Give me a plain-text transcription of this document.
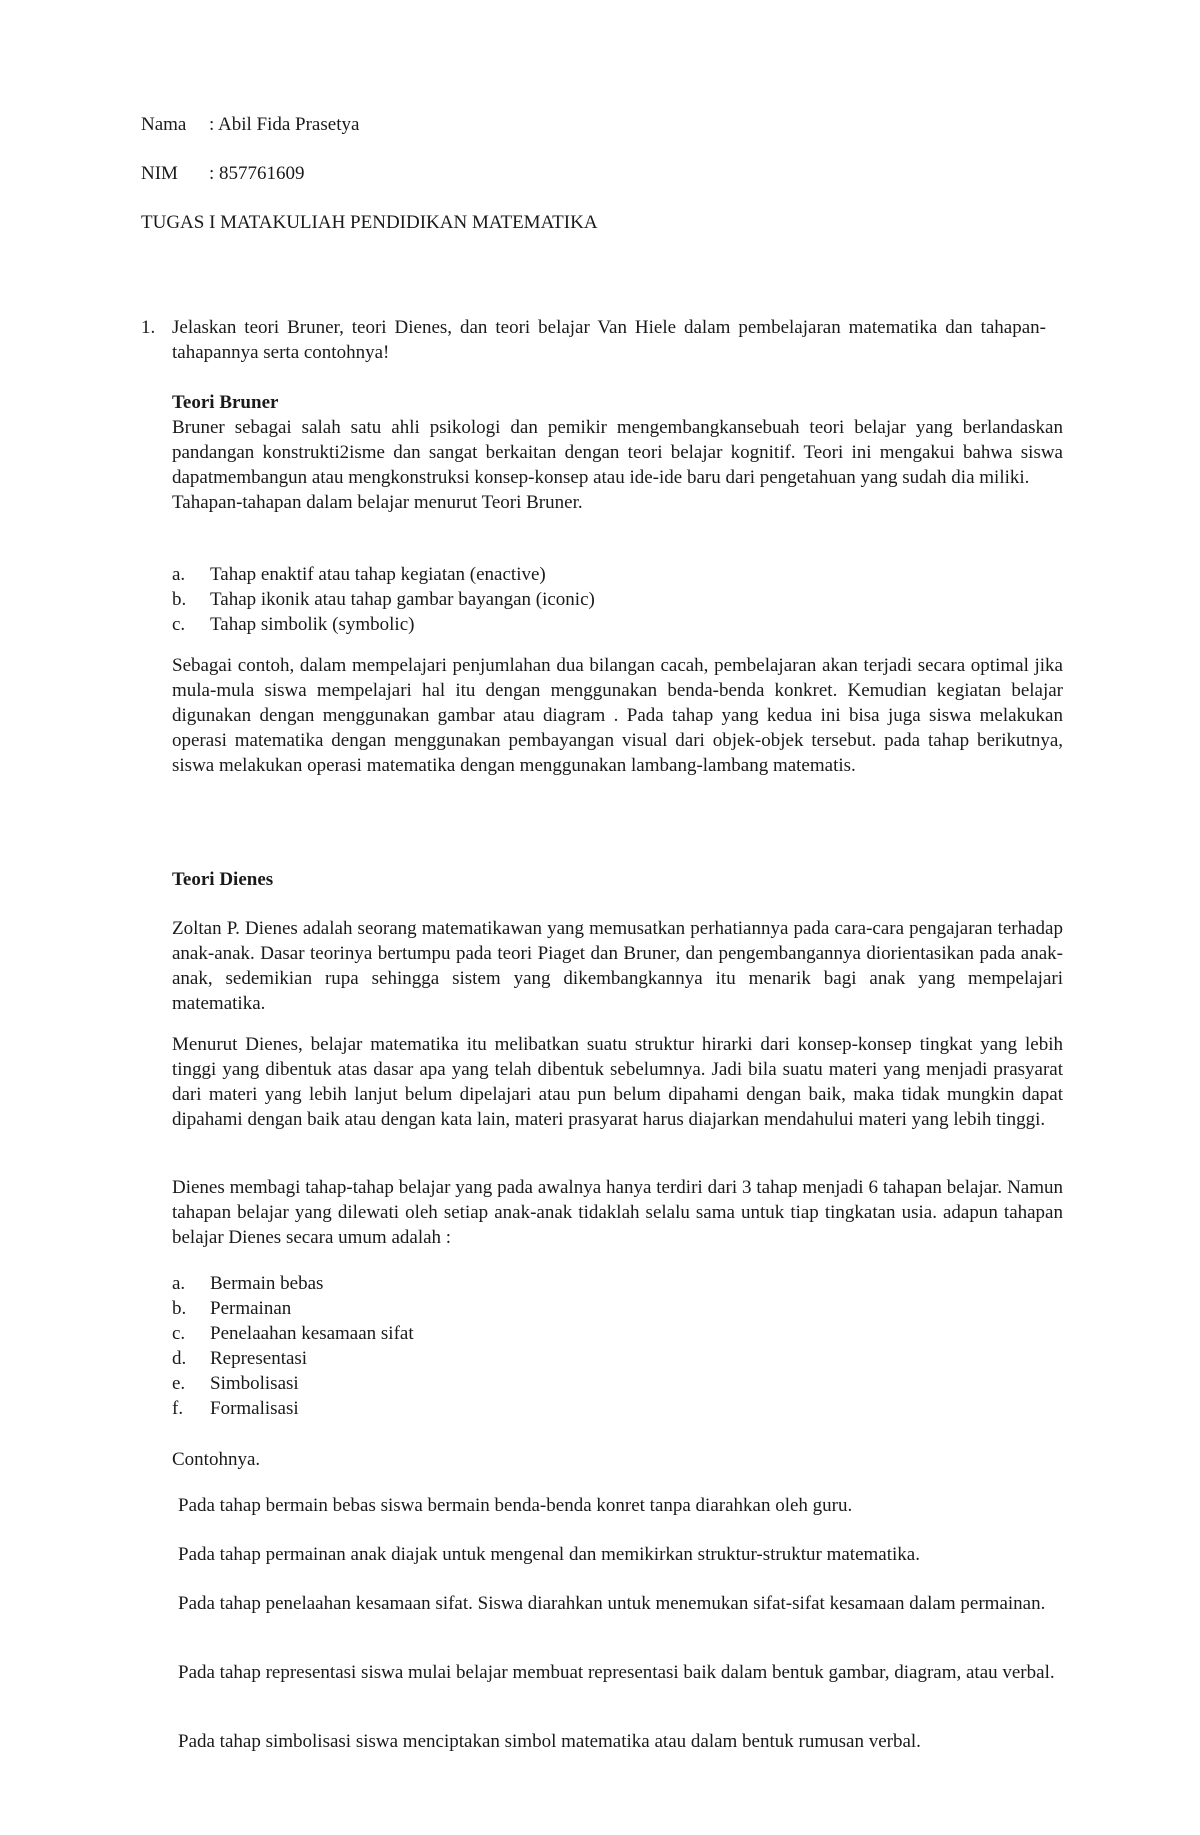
Nama : Abil Fida Prasetya
NIM : 857761609
TUGAS I MATAKULIAH PENDIDIKAN MATEMATIKA
1. Jelaskan teori Bruner, teori Dienes, dan teori belajar Van Hiele dalam pembelajaran matematika dan tahapan-tahapannya serta contohnya!
Teori Bruner
Bruner sebagai salah satu ahli psikologi dan pemikir mengembangkansebuah teori belajar yang berlandaskan pandangan konstrukti2isme dan sangat berkaitan dengan teori belajar kognitif. Teori ini mengakui bahwa siswa dapatmembangun atau mengkonstruksi konsep-konsep atau ide-ide baru dari pengetahuan yang sudah dia miliki.
Tahapan-tahapan dalam belajar menurut Teori Bruner.
a. Tahap enaktif atau tahap kegiatan (enactive)
b. Tahap ikonik atau tahap gambar bayangan (iconic)
c. Tahap simbolik (symbolic)
Sebagai contoh, dalam mempelajari penjumlahan dua bilangan cacah, pembelajaran akan terjadi secara optimal jika mula-mula siswa mempelajari hal itu dengan menggunakan benda-benda konkret. Kemudian kegiatan belajar digunakan dengan menggunakan gambar atau diagram . Pada tahap yang kedua ini bisa juga siswa melakukan operasi matematika dengan menggunakan pembayangan visual dari objek-objek tersebut. pada tahap berikutnya, siswa melakukan operasi matematika dengan menggunakan lambang-lambang matematis.
Teori Dienes
Zoltan P. Dienes adalah seorang matematikawan yang memusatkan perhatiannya pada cara-cara pengajaran terhadap anak-anak. Dasar teorinya bertumpu pada teori Piaget dan Bruner, dan pengembangannya diorientasikan pada anak-anak, sedemikian rupa sehingga sistem yang dikembangkannya itu menarik bagi anak yang mempelajari matematika.
Menurut Dienes, belajar matematika itu melibatkan suatu struktur hirarki dari konsep-konsep tingkat yang lebih tinggi yang dibentuk atas dasar apa yang telah dibentuk sebelumnya. Jadi bila suatu materi yang menjadi prasyarat dari materi yang lebih lanjut belum dipelajari atau pun belum dipahami dengan baik, maka tidak mungkin dapat dipahami dengan baik atau dengan kata lain, materi prasyarat harus diajarkan mendahului materi yang lebih tinggi.
Dienes membagi tahap-tahap belajar yang pada awalnya hanya terdiri dari 3 tahap menjadi 6 tahapan belajar. Namun tahapan belajar yang dilewati oleh setiap anak-anak tidaklah selalu sama untuk tiap tingkatan usia. adapun tahapan belajar Dienes secara umum adalah :
a. Bermain bebas
b. Permainan
c. Penelaahan kesamaan sifat
d. Representasi
e. Simbolisasi
f. Formalisasi
Contohnya.
Pada tahap bermain bebas siswa bermain benda-benda konret tanpa diarahkan oleh guru.
Pada tahap permainan anak diajak untuk mengenal dan memikirkan struktur-struktur matematika.
Pada tahap penelaahan kesamaan sifat. Siswa diarahkan untuk menemukan sifat-sifat kesamaan dalam permainan.
Pada tahap representasi siswa mulai belajar membuat representasi baik dalam bentuk gambar, diagram, atau verbal.
Pada tahap simbolisasi siswa menciptakan simbol matematika atau dalam bentuk rumusan verbal.
